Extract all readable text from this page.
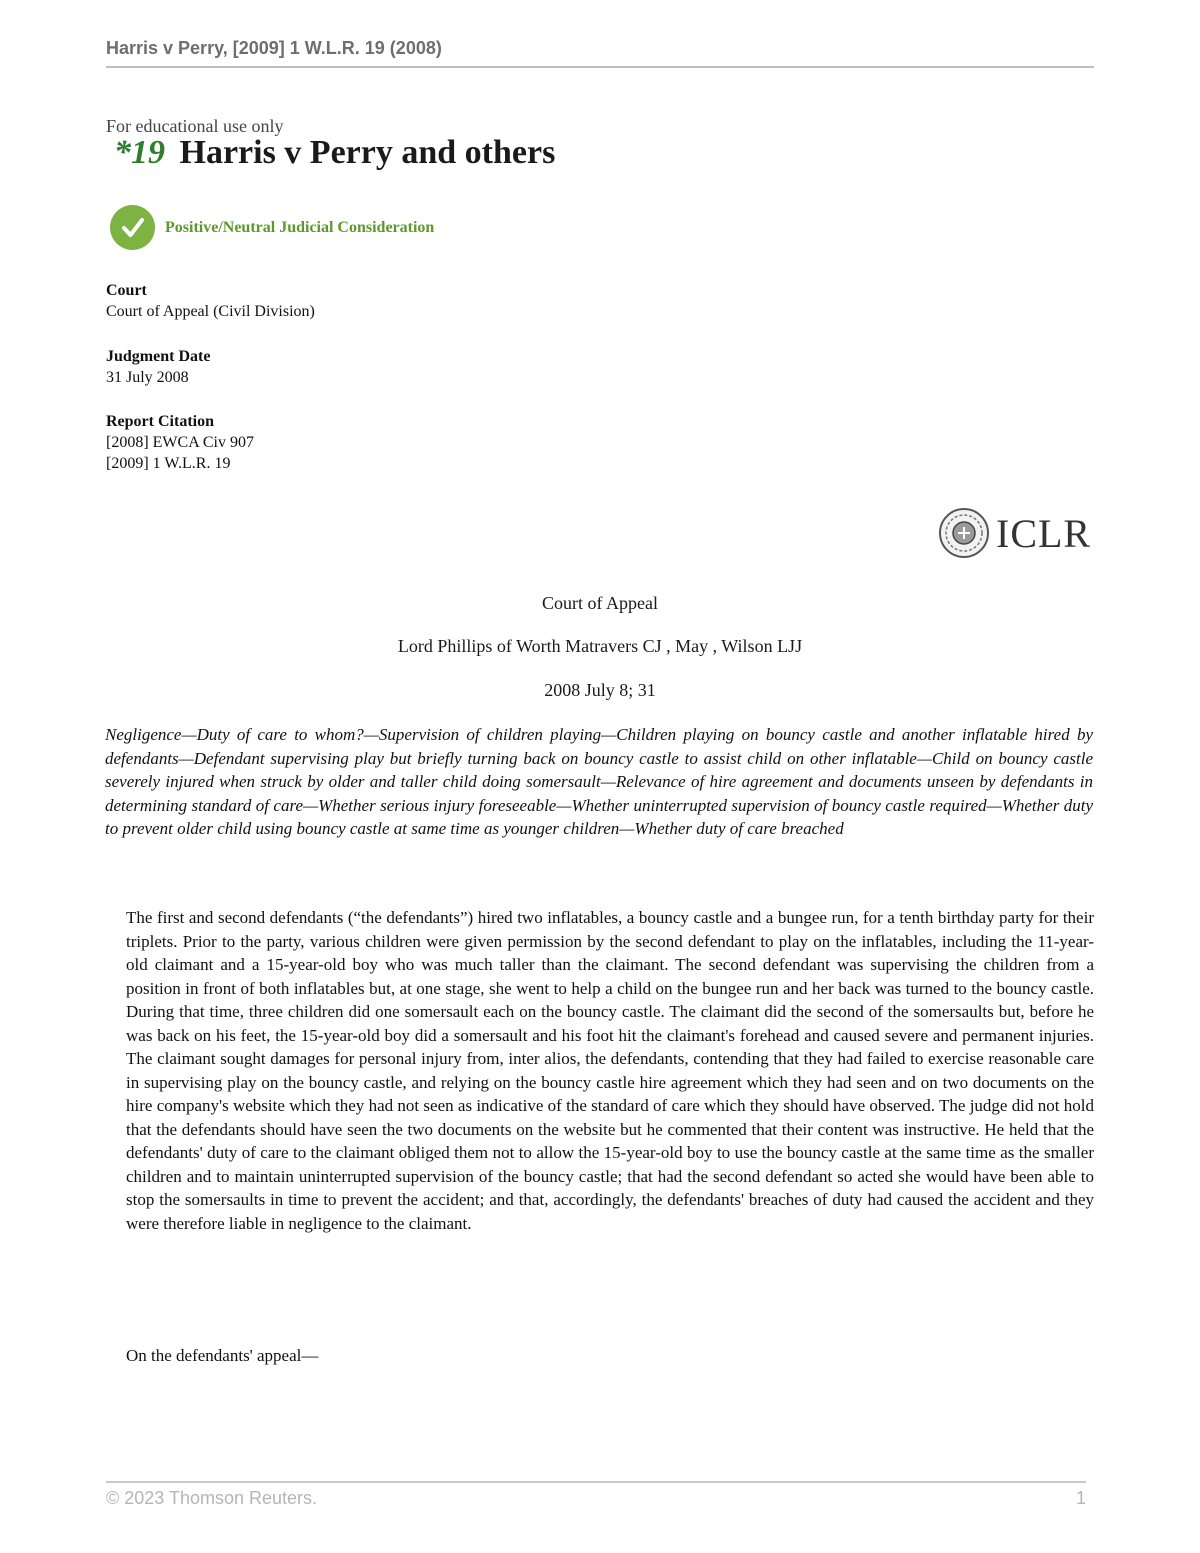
Harris v Perry, [2009] 1 W.L.R. 19 (2008)
For educational use only
*19 Harris v Perry and others
Positive/Neutral Judicial Consideration
Court
Court of Appeal (Civil Division)
Judgment Date
31 July 2008
Report Citation
[2008] EWCA Civ 907
[2009] 1 W.L.R. 19
ICLR
Court of Appeal
Lord Phillips of Worth Matravers CJ , May , Wilson LJJ
2008 July 8; 31
Negligence—Duty of care to whom?—Supervision of children playing—Children playing on bouncy castle and another inflatable hired by defendants—Defendant supervising play but briefly turning back on bouncy castle to assist child on other inflatable—Child on bouncy castle severely injured when struck by older and taller child doing somersault—Relevance of hire agreement and documents unseen by defendants in determining standard of care—Whether serious injury foreseeable—Whether uninterrupted supervision of bouncy castle required—Whether duty to prevent older child using bouncy castle at same time as younger children—Whether duty of care breached
The first and second defendants (“the defendants”) hired two inflatables, a bouncy castle and a bungee run, for a tenth birthday party for their triplets. Prior to the party, various children were given permission by the second defendant to play on the inflatables, including the 11-year-old claimant and a 15-year-old boy who was much taller than the claimant. The second defendant was supervising the children from a position in front of both inflatables but, at one stage, she went to help a child on the bungee run and her back was turned to the bouncy castle. During that time, three children did one somersault each on the bouncy castle. The claimant did the second of the somersaults but, before he was back on his feet, the 15-year-old boy did a somersault and his foot hit the claimant's forehead and caused severe and permanent injuries. The claimant sought damages for personal injury from, inter alios, the defendants, contending that they had failed to exercise reasonable care in supervising play on the bouncy castle, and relying on the bouncy castle hire agreement which they had seen and on two documents on the hire company's website which they had not seen as indicative of the standard of care which they should have observed. The judge did not hold that the defendants should have seen the two documents on the website but he commented that their content was instructive. He held that the defendants' duty of care to the claimant obliged them not to allow the 15-year-old boy to use the bouncy castle at the same time as the smaller children and to maintain uninterrupted supervision of the bouncy castle; that had the second defendant so acted she would have been able to stop the somersaults in time to prevent the accident; and that, accordingly, the defendants' breaches of duty had caused the accident and they were therefore liable in negligence to the claimant.
On the defendants' appeal—
© 2023 Thomson Reuters.	1
